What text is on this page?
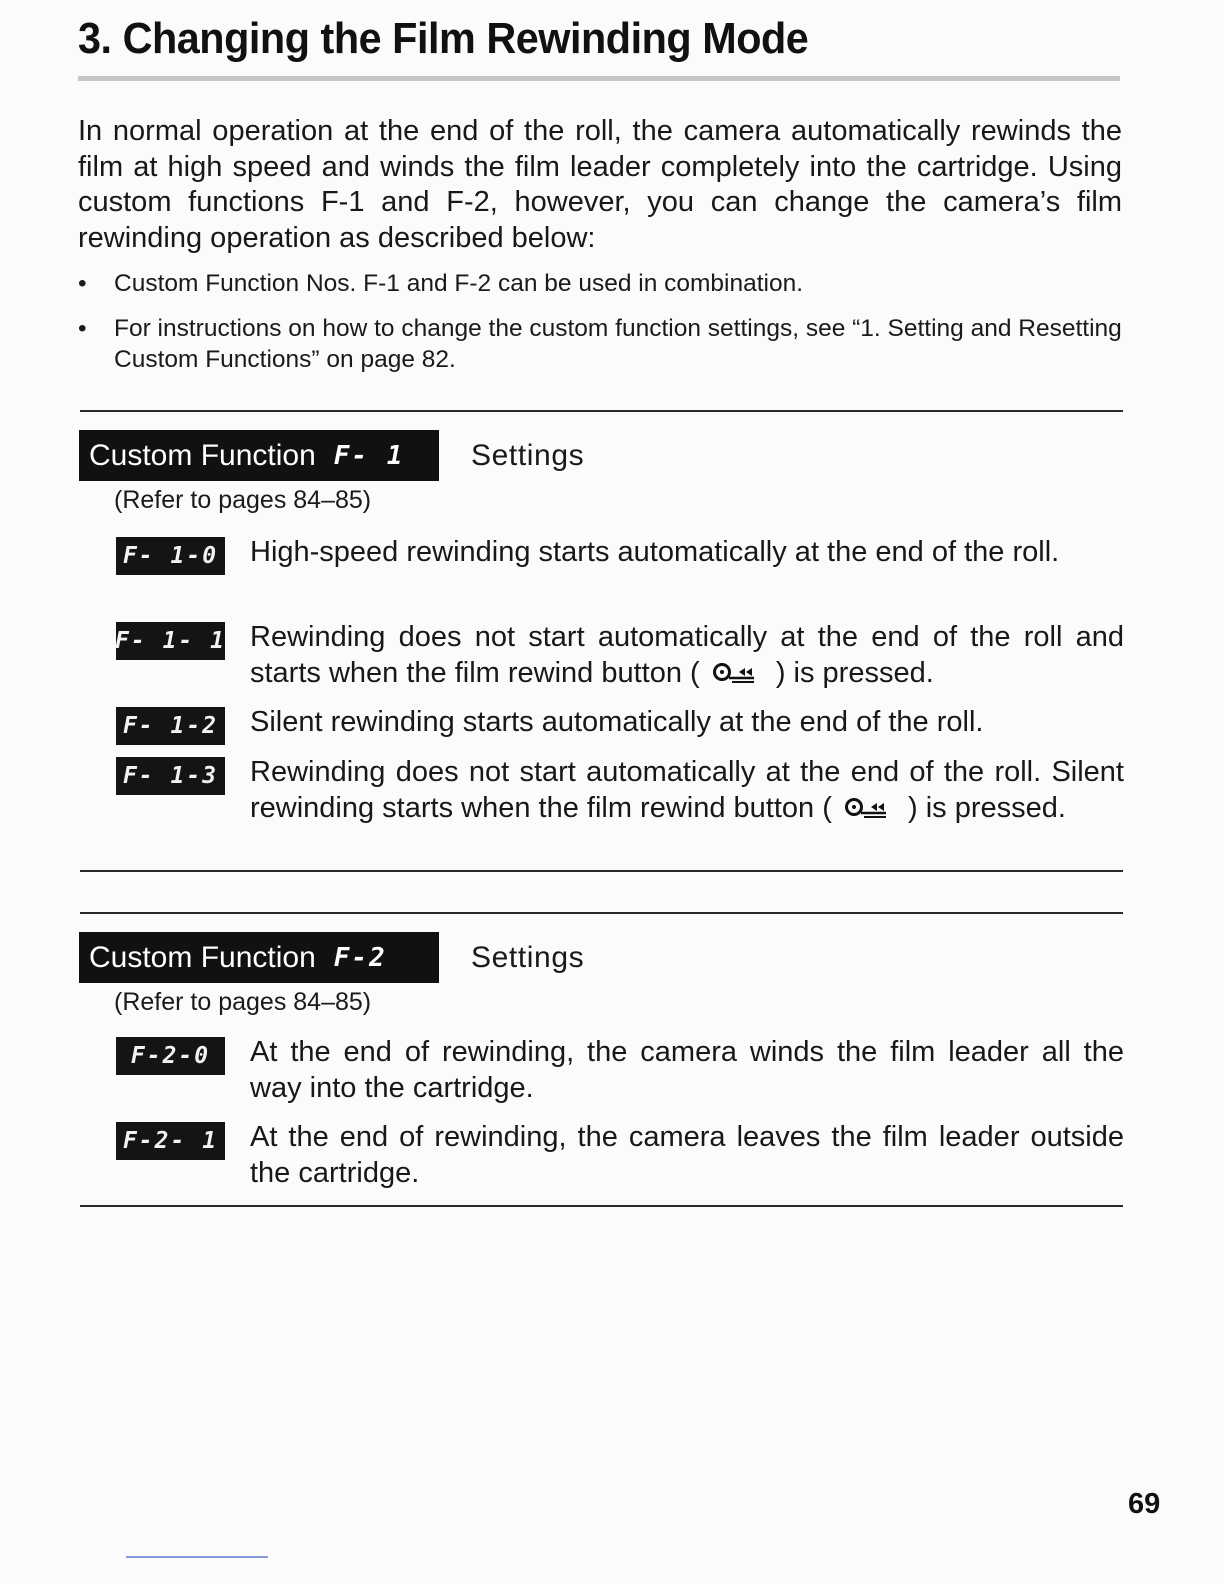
3. Changing the Film Rewinding Mode

In normal operation at the end of the roll, the camera automatically rewinds the film at high speed and winds the film leader completely into the cartridge. Using custom functions F-1 and F-2, however, you can change the camera’s film rewinding operation as described below:

• Custom Function Nos. F-1 and F-2 can be used in combination.
• For instructions on how to change the custom function settings, see “1. Setting and Resetting Custom Functions” on page 82.
Custom Function F- 1 Settings
(Refer to pages 84–85)
F- 1-0 High-speed rewinding starts automatically at the end of the roll.

F- 1- 1 Rewinding does not start automatically at the end of the roll and starts when the film rewind button (	) is pressed.

F- 1-2 Silent rewinding starts automatically at the end of the roll.

F- 1-3 Rewinding does not start automatically at the end of the roll. Silent rewinding starts when the film rewind button (	) is pressed.

Custom Function F-2	Settings
(Refer to pages 84–85)
F-2-0	At the end of rewinding, the camera winds the film leader all the way into the cartridge.

F-2- 1 At the end of rewinding, the camera leaves the film leader outside the cartridge.

69
